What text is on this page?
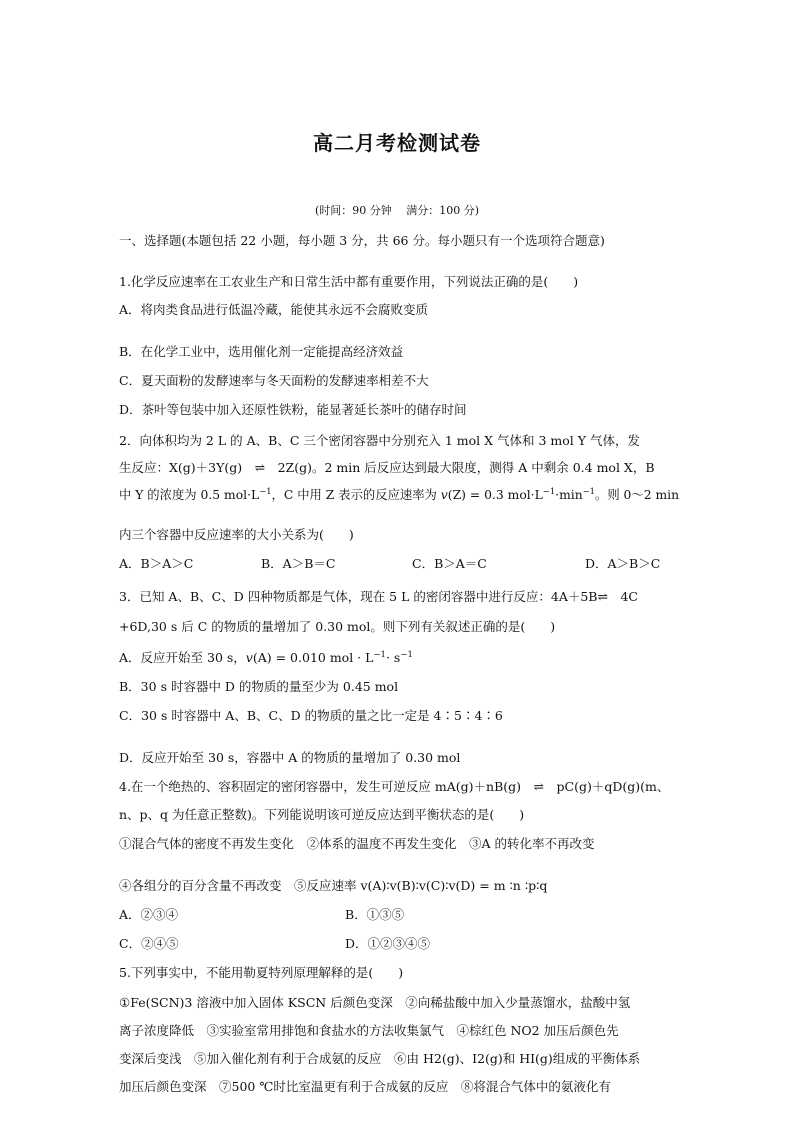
高二月考检测试卷
(时间：90 分钟　 满分：100 分)
一、选择题(本题包括 22 小题，每小题 3 分，共 66 分。每小题只有一个选项符合题意)
1.化学反应速率在工农业生产和日常生活中都有重要作用，下列说法正确的是(　　)
A．将肉类食品进行低温冷藏，能使其永远不会腐败变质
B．在化学工业中，选用催化剂一定能提高经济效益
C．夏天面粉的发酵速率与冬天面粉的发酵速率相差不大
D．茶叶等包装中加入还原性铁粉，能显著延长茶叶的储存时间
2．向体积均为 2 L 的 A、B、C 三个密闭容器中分别充入 1 mol X 气体和 3 mol Y 气体，发
生反应：X(g)＋3Y(g)　⇌　2Z(g)。2 min 后反应达到最大限度，测得 A 中剩余 0.4 mol X，B
中 Y 的浓度为 0.5 $mol\cdot L^{-1}$，C 中用 Z 表示的反应速率为 v(Z) = 0.3 $mol\cdot L^{-1}\cdot\min^{-1}$。则 0～2 min
内三个容器中反应速率的大小关系为(　　)
A．B＞A＞C	B．A＞B＝C	C．B＞A＝C	D．A＞B＞C
3．已知 A、B、C、D 四种物质都是气体，现在 5 L 的密闭容器中进行反应：4A＋5B⇌　4C
+6D,30 s 后 C 的物质的量增加了 0.30 mol。则下列有关叙述正确的是(　　)
A．反应开始至 30 s，v(A) = 0.010 mol · $L^{-1}\cdot s^{-1}$
B．30 s 时容器中 D 的物质的量至少为 0.45 mol
C．30 s 时容器中 A、B、C、D 的物质的量之比一定是 4∶5∶4∶6
D．反应开始至 30 s，容器中 A 的物质的量增加了 0.30 mol
4.在一个绝热的、容积固定的密闭容器中，发生可逆反应 mA(g)＋nB(g)　⇌　pC(g)＋qD(g)(m、
n、p、q 为任意正整数)。下列能说明该可逆反应达到平衡状态的是(　　)
①混合气体的密度不再发生变化　②体系的温度不再发生变化　③A 的转化率不再改变
④各组分的百分含量不再改变　⑤反应速率 v(A)∶v(B)∶v(C)∶v(D) = m ∶n ∶p∶q
A．②③④	B．①③⑤
C．②④⑤	D．①②③④⑤
5.下列事实中，不能用勒夏特列原理解释的是(　　)
①Fe(SCN)3 溶液中加入固体 KSCN 后颜色变深　②向稀盐酸中加入少量蒸馏水，盐酸中氢
离子浓度降低　③实验室常用排饱和食盐水的方法收集氯气　④棕红色 NO2 加压后颜色先
变深后变浅　⑤加入催化剂有利于合成氨的反应　⑥由 H2(g)、I2(g)和 HI(g)组成的平衡体系
加压后颜色变深　⑦500 ℃时比室温更有利于合成氨的反应　⑧将混合气体中的氨液化有
